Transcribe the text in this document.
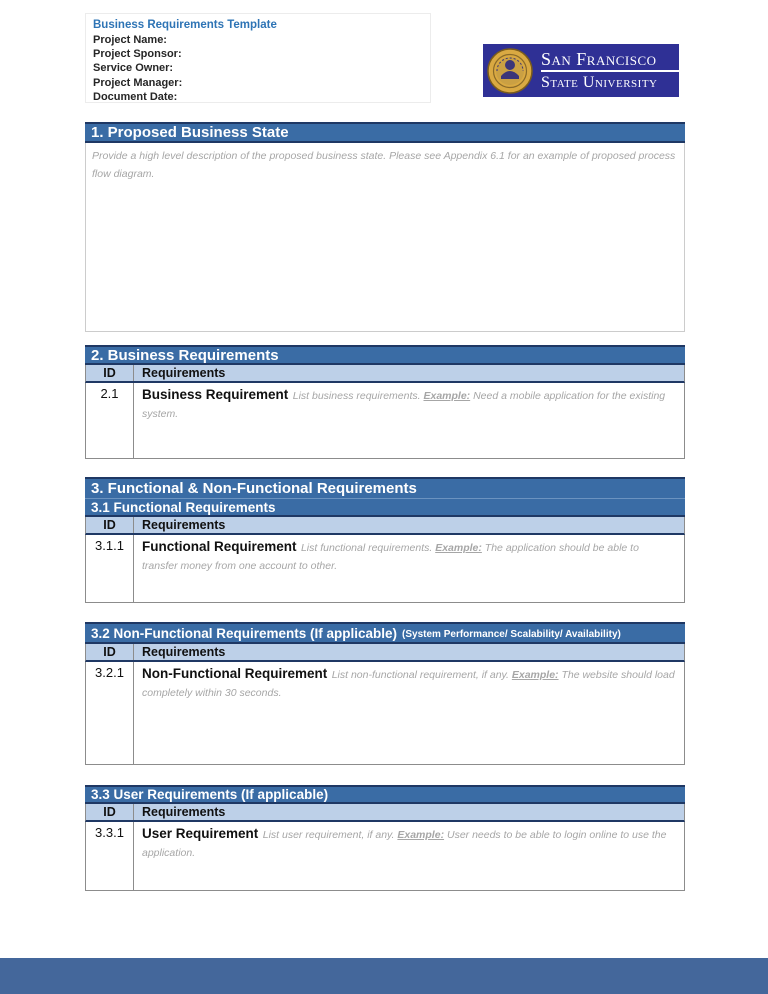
Business Requirements Template
Project Name:
Project Sponsor:
Service Owner:
Project Manager:
Document Date:
San Francisco
State University
1. Proposed Business State
Provide a high level description of the proposed business state. Please see Appendix 6.1 for an example of proposed process flow diagram.
2. Business Requirements
ID	Requirements
2.1	Business Requirement List business requirements. Example: Need a mobile application for the existing system.
3. Functional & Non-Functional Requirements
3.1 Functional Requirements
ID	Requirements
3.1.1	Functional Requirement List functional requirements. Example: The application should be able to transfer money from one account to other.
3.2 Non-Functional Requirements (If applicable) (System Performance/ Scalability/ Availability)
ID	Requirements
3.2.1	Non-Functional Requirement List non-functional requirement, if any. Example: The website should load completely within 30 seconds.
3.3 User Requirements (If applicable)
ID	Requirements
3.3.1	User Requirement List user requirement, if any. Example: User needs to be able to login online to use the application.
